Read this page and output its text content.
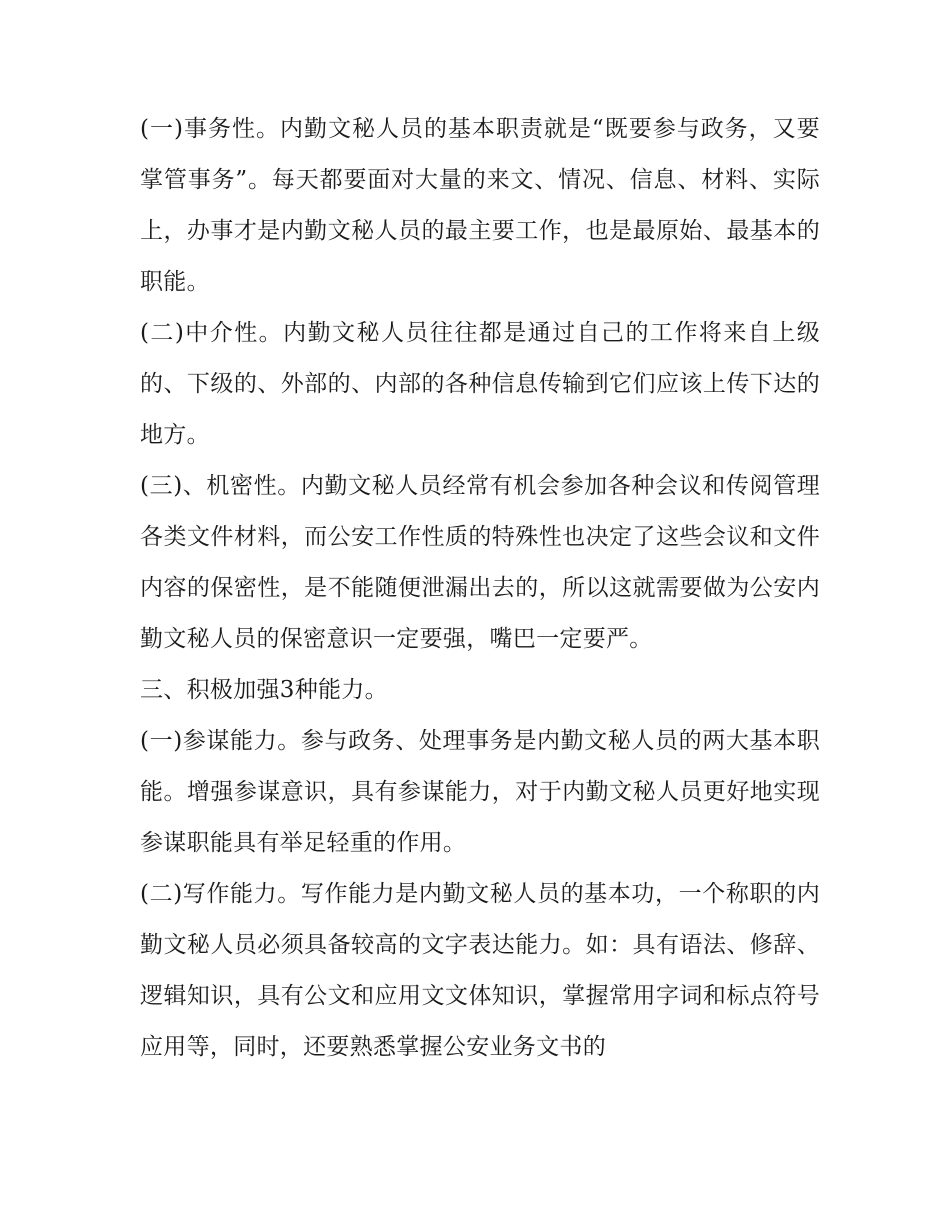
(一)事务性。内勤文秘人员的基本职责就是“既要参与政务，又要掌管事务”。每天都要面对大量的来文、情况、信息、材料、实际上，办事才是内勤文秘人员的最主要工作，也是最原始、最基本的职能。

(二)中介性。内勤文秘人员往往都是通过自己的工作将来自上级的、下级的、外部的、内部的各种信息传输到它们应该上传下达的地方。

(三)、机密性。内勤文秘人员经常有机会参加各种会议和传阅管理各类文件材料，而公安工作性质的特殊性也决定了这些会议和文件内容的保密性，是不能随便泄漏出去的，所以这就需要做为公安内勤文秘人员的保密意识一定要强，嘴巴一定要严。

三、积极加强3种能力。

(一)参谋能力。参与政务、处理事务是内勤文秘人员的两大基本职能。增强参谋意识，具有参谋能力，对于内勤文秘人员更好地实现参谋职能具有举足轻重的作用。

(二)写作能力。写作能力是内勤文秘人员的基本功，一个称职的内勤文秘人员必须具备较高的文字表达能力。如：具有语法、修辞、逻辑知识，具有公文和应用文文体知识，掌握常用字词和标点符号应用等，同时，还要熟悉掌握公安业务文书的
